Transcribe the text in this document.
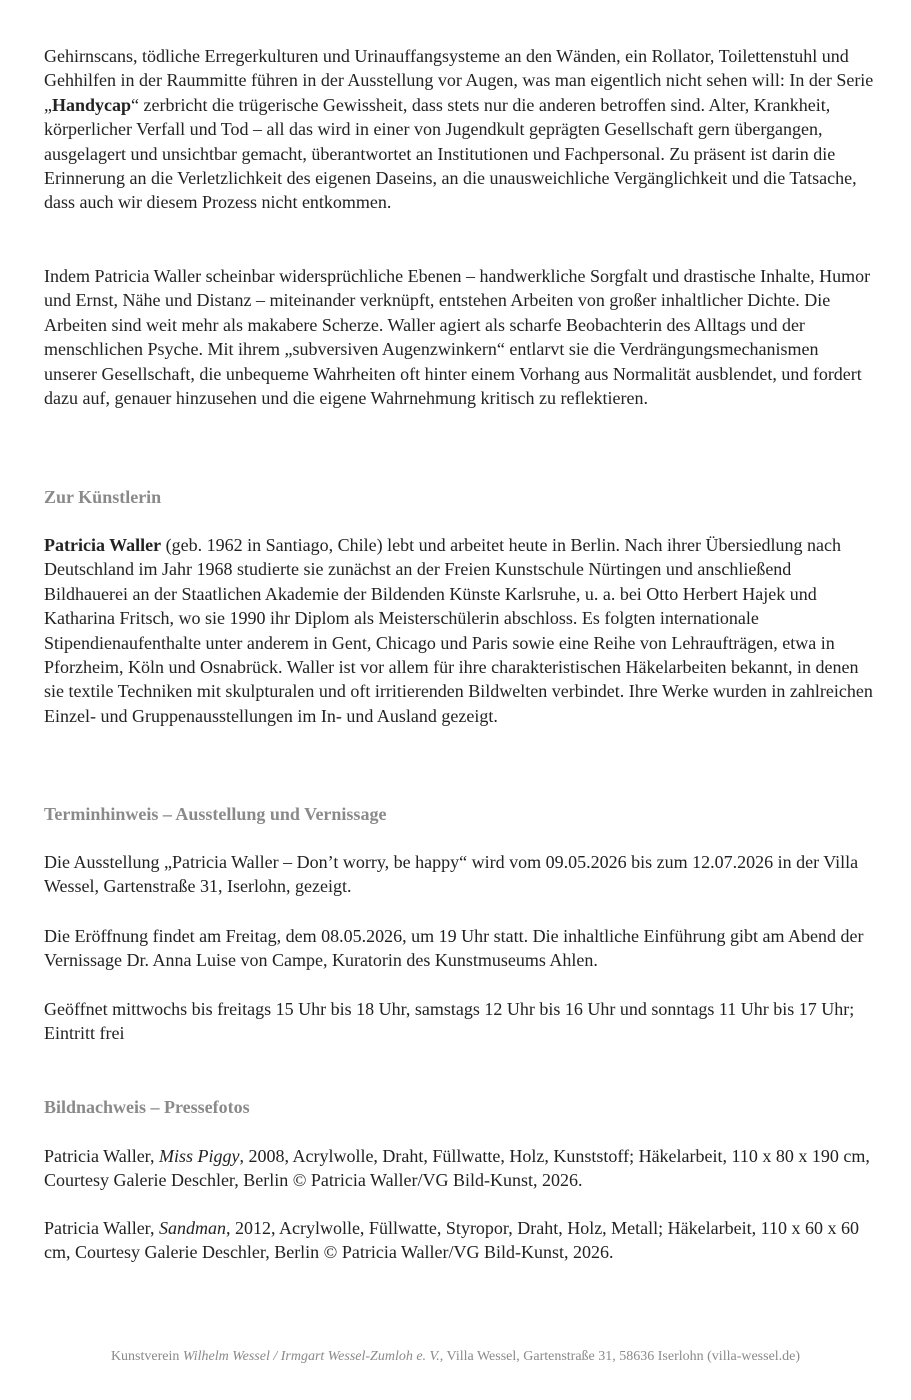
Gehirnscans, tödliche Erregerkulturen und Urinauffangsysteme an den Wänden, ein Rollator, Toilettenstuhl und Gehhilfen in der Raummitte führen in der Ausstellung vor Augen, was man eigentlich nicht sehen will: In der Serie „Handycap“ zerbricht die trügerische Gewissheit, dass stets nur die anderen betroffen sind. Alter, Krankheit, körperlicher Verfall und Tod – all das wird in einer von Jugendkult geprägten Gesellschaft gern übergangen, ausgelagert und unsichtbar gemacht, überantwortet an Institutionen und Fachpersonal. Zu präsent ist darin die Erinnerung an die Verletzlichkeit des eigenen Daseins, an die unausweichliche Vergänglichkeit und die Tatsache, dass auch wir diesem Prozess nicht entkommen.

Indem Patricia Waller scheinbar widersprüchliche Ebenen – handwerkliche Sorgfalt und drastische Inhalte, Humor und Ernst, Nähe und Distanz – miteinander verknüpft, entstehen Arbeiten von großer inhaltlicher Dichte. Die Arbeiten sind weit mehr als makabere Scherze. Waller agiert als scharfe Beobachterin des Alltags und der menschlichen Psyche. Mit ihrem „subversiven Augenzwinkern“ entlarvt sie die Verdrängungsmechanismen unserer Gesellschaft, die unbequeme Wahrheiten oft hinter einem Vorhang aus Normalität ausblendet, und fordert dazu auf, genauer hinzusehen und die eigene Wahrnehmung kritisch zu reflektieren.

Zur Künstlerin

Patricia Waller (geb. 1962 in Santiago, Chile) lebt und arbeitet heute in Berlin. Nach ihrer Übersiedlung nach Deutschland im Jahr 1968 studierte sie zunächst an der Freien Kunstschule Nürtingen und anschließend Bildhauerei an der Staatlichen Akademie der Bildenden Künste Karlsruhe, u. a. bei Otto Herbert Hajek und Katharina Fritsch, wo sie 1990 ihr Diplom als Meisterschülerin abschloss. Es folgten internationale Stipendienaufenthalte unter anderem in Gent, Chicago und Paris sowie eine Reihe von Lehraufträgen, etwa in Pforzheim, Köln und Osnabrück. Waller ist vor allem für ihre charakteristischen Häkelarbeiten bekannt, in denen sie textile Techniken mit skulpturalen und oft irritierenden Bildwelten verbindet. Ihre Werke wurden in zahlreichen Einzel- und Gruppenausstellungen im In- und Ausland gezeigt.

Terminhinweis – Ausstellung und Vernissage

Die Ausstellung „Patricia Waller – Don’t worry, be happy“ wird vom 09.05.2026 bis zum 12.07.2026 in der Villa Wessel, Gartenstraße 31, Iserlohn, gezeigt.

Die Eröffnung findet am Freitag, dem 08.05.2026, um 19 Uhr statt. Die inhaltliche Einführung gibt am Abend der Vernissage Dr. Anna Luise von Campe, Kuratorin des Kunstmuseums Ahlen.

Geöffnet mittwochs bis freitags 15 Uhr bis 18 Uhr, samstags 12 Uhr bis 16 Uhr und sonntags 11 Uhr bis 17 Uhr; Eintritt frei

Bildnachweis – Pressefotos

Patricia Waller, Miss Piggy, 2008, Acrylwolle, Draht, Füllwatte, Holz, Kunststoff; Häkelarbeit, 110 x 80 x 190 cm, Courtesy Galerie Deschler, Berlin © Patricia Waller/VG Bild-Kunst, 2026.

Patricia Waller, Sandman, 2012, Acrylwolle, Füllwatte, Styropor, Draht, Holz, Metall; Häkelarbeit, 110 x 60 x 60 cm, Courtesy Galerie Deschler, Berlin © Patricia Waller/VG Bild-Kunst, 2026.

Kunstverein Wilhelm Wessel / Irmgart Wessel-Zumloh e. V., Villa Wessel, Gartenstraße 31, 58636 Iserlohn (villa-wessel.de)
